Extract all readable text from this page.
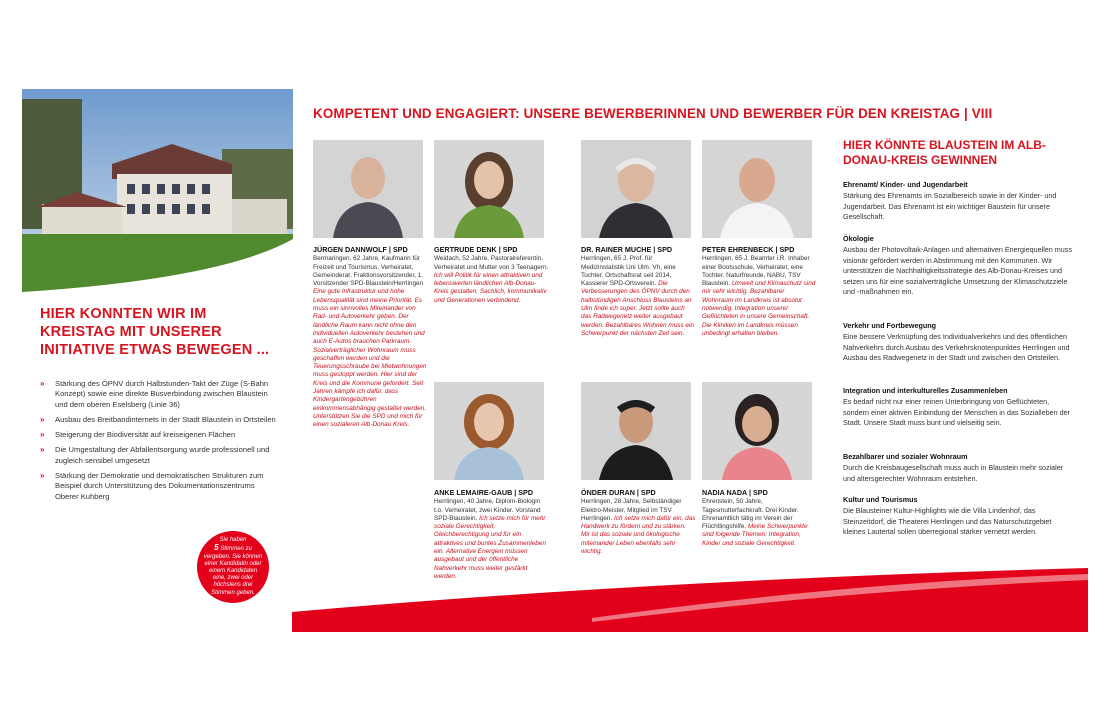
HIER KONNTEN WIR IM KREISTAG MIT UNSERER INITIATIVE ETWAS BEWEGEN ...
» Stärkung des ÖPNV durch Halbstunden-Takt der Züge (S-Bahn Konzept) sowie eine direkte Busverbindung zwischen Blaustein und dem oberen Eselsberg (Linie 36)
» Ausbau des Breitbandinternets in der Stadt Blaustein in Ortsteilen
» Steigerung der Biodiversität auf kreiseigenen Flächen
» Die Umgestaltung der Abfallentsorgung wurde professionell und zugleich sensibel umgesetzt
» Stärkung der Demokratie und demokratischen Strukturen zum Beispiel durch Unterstützung des Dokumentationszentrums Oberer Kuhberg
Sie haben
5 Stimmen zu vergeben. Sie können einer Kandidatin oder einem Kandidaten eine, zwei oder höchstens drei Stimmen geben.
KOMPETENT UND ENGAGIERT: UNSERE BEWERBERINNEN UND BEWERBER FÜR DEN KREISTAG | VIII
JÜRGEN DANNWOLF | SPD
Bermaringen, 62 Jahre, Kaufmann für Freizeit und Tourismus, Verheiratet, Gemeinderat, Fraktionsvorsitzender, 1. Vorsitzender SPD-Blaustein/Herrlingen Eine gute Infrastruktur und hohe Lebensqualität sind meine Priorität. Es muss ein sinnvolles Miteinander von Rad- und Autoverkehr geben. Der ländliche Raum kann nicht ohne den individuellen Autoverkehr bestehen und auch E-Autos brauchen Parkraum. Sozialverträglicher Wohnraum muss geschaffen werden und die Teuerungsschraube bei Mietwohnungen muss gestoppt werden. Hier sind der Kreis und die Kommune gefordert. Seit Jahren kämpfe ich dafür, dass Kindergartengebühren einkommensabhängig gestaltet werden. Unterstützen Sie die SPD und mich für einen sozialeren Alb-Donau Kreis.
GERTRUDE DENK | SPD
Weidach, 52 Jahre, Pastoralreferentin, Verheiratet und Mutter von 3 Teenagern. Ich will Politik für einen attraktiven und lebenswerten ländlichen Alb-Donau-Kreis gestalten. Sachlich, kommunikativ und Generationen verbindend.
DR. RAINER MUCHE | SPD
Herrlingen, 65 J. Prof. für Medizinstatistik Uni Ulm. Vh, eine Tochter. Ortschaftsrat seit 2014, Kassierer SPD-Ortsverein. Die Verbesserungen des ÖPNV durch den halbstündigen Anschluss Blausteins an Ulm finde ich super. Jetzt sollte auch das Radwegenetz weiter ausgebaut werden. Bezahlbares Wohnen muss ein Schwerpunkt der nächsten Zeit sein.
PETER EHRENBECK | SPD
Herrlingen, 65 J. Beamter i.R. Inhaber einer Bootsschule, Verheiratet, eine Tochter. Naturfreunde, NABU, TSV Blaustein. Umwelt und Klimaschutz sind mir sehr wichtig. Bezahlbarer Wohnraum im Landkreis ist absolut notwendig. Integration unserer Geflüchteten in unsere Gemeinschaft. Die Kliniken im Landkreis müssen unbedingt erhalten bleiben.
ANKE LEMAIRE-GAUB | SPD
Herrlingen, 40 Jahre, Diplom-Biologin t.o. Verheiratet, zwei Kinder. Vorstand SPD-Blaustein. Ich setze mich für mehr soziale Gerechtigkeit, Gleichberechtigung und für ein attraktives und buntes Zusammenleben ein. Alternative Energien müssen ausgebaut und der öffentliche Nahverkehr muss weiter gestärkt werden.
ÖNDER DURAN | SPD
Herrlingen, 28 Jahre, Selbständiger Elektro-Meister, Mitglied im TSV Herrlingen. Ich setze mich dafür ein, das Handwerk zu fördern und zu stärken. Mir ist das soziale und ökologische miteinander Leben ebenfalls sehr wichtig.
NADIA NADA | SPD
Ehrenstein, 50 Jahre, Tagesmutterfachkraft. Drei Kinder. Ehrenamtlich tätig im Verein der Flüchtlingshilfe. Meine Schwerpunkte sind folgende Themen: Integration, Kinder und soziale Gerechtigkeit.
HIER KÖNNTE BLAUSTEIN IM ALB-DONAU-KREIS GEWINNEN
Ehrenamt/ Kinder- und Jugendarbeit
Stärkung des Ehrenamts im Sozialbereich sowie in der Kinder- und Jugendarbeit. Das Ehrenamt ist ein wichtiger Baustein für unsere Gesellschaft.
Ökologie
Ausbau der Photovoltaik-Anlagen und alternativen Energiequellen muss visionär gefördert werden in Abstimmung mit den Kommunen. Wir unterstützen die Nachhaltigkeitsstrategie des Alb-Donau-Kreises und setzen uns für eine sozialverträgliche Umsetzung der Klimaschutzziele und -maßnahmen ein.
Verkehr und Fortbewegung
Eine bessere Verknüpfung des Individualverkehrs und des öffentlichen Nahverkehrs durch Ausbau des Verkehrsknotenpunktes Herrlingen und Ausbau des Radwegenetz in der Stadt und zwischen den Ortsteilen.
Integration und interkulturelles Zusammenleben
Es bedarf nicht nur einer reinen Unterbringung von Geflüchteten, sondern einer aktiven Einbindung der Menschen in das Sozialleben der Stadt. Unsere Stadt muss bunt und vielseitig sein.
Bezahlbarer und sozialer Wohnraum
Durch die Kreisbaugesellschaft muss auch in Blaustein mehr sozialer und altersgerechter Wohnraum entstehen.
Kultur und Tourismus
Die Blausteiner Kultur-Highlights wie die Villa Lindenhof, das Steinzeitdorf, die Theaterei Herrlingen und das Naturschutzgebiet kleines Lautertal sollen überregional stärker vernetzt werden.
